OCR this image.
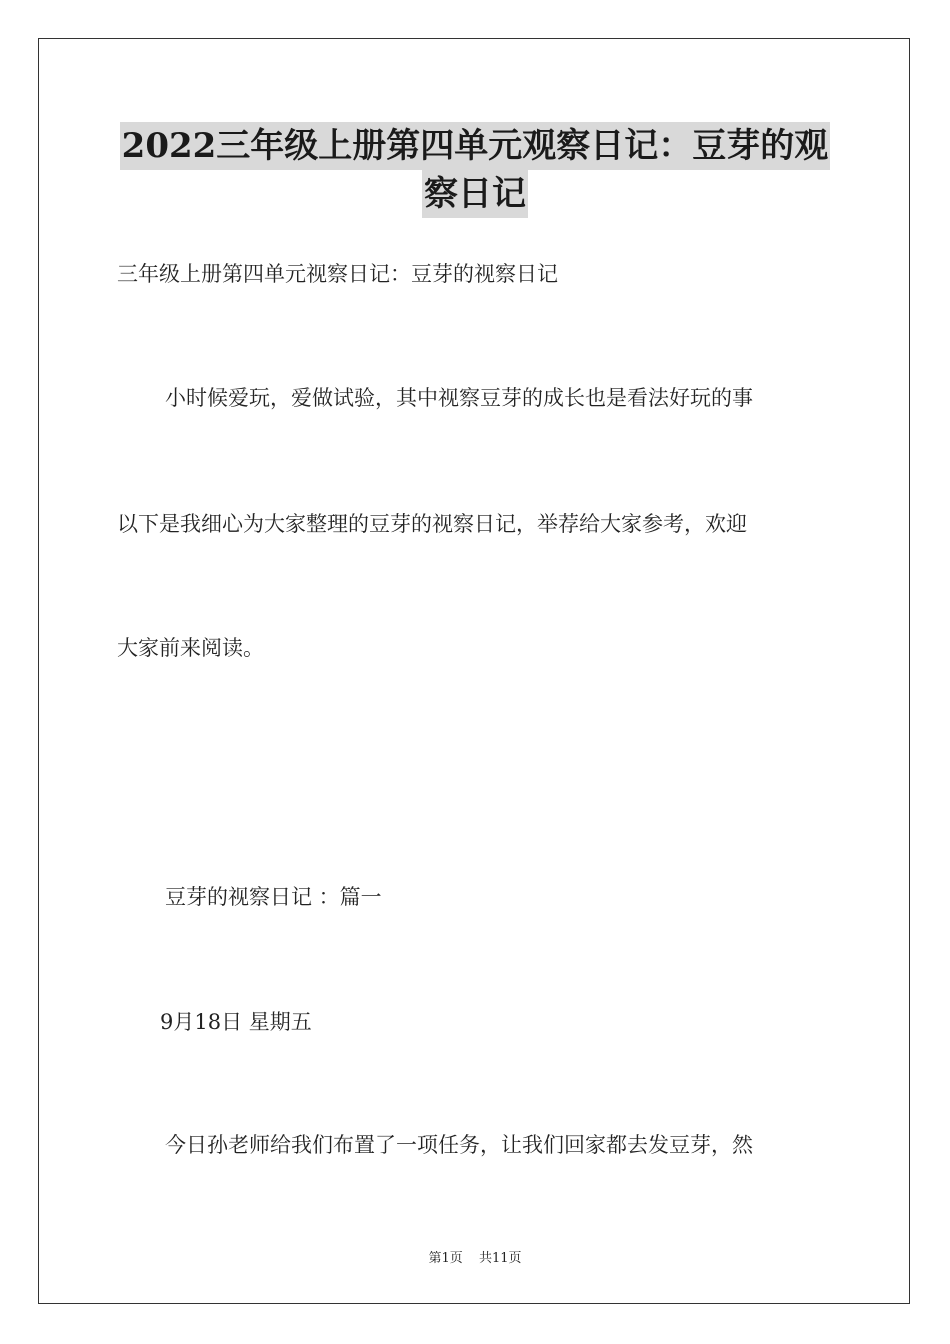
2022三年级上册第四单元观察日记：豆芽的观
察日记
三年级上册第四单元视察日记：豆芽的视察日记
小时候爱玩，爱做试验，其中视察豆芽的成长也是看法好玩的事
以下是我细心为大家整理的豆芽的视察日记，举荐给大家参考，欢迎
大家前来阅读。
豆芽的视察日记 ：篇一
9月18日 星期五
今日孙老师给我们布置了一项任务，让我们回家都去发豆芽，然
第1页 共11页
